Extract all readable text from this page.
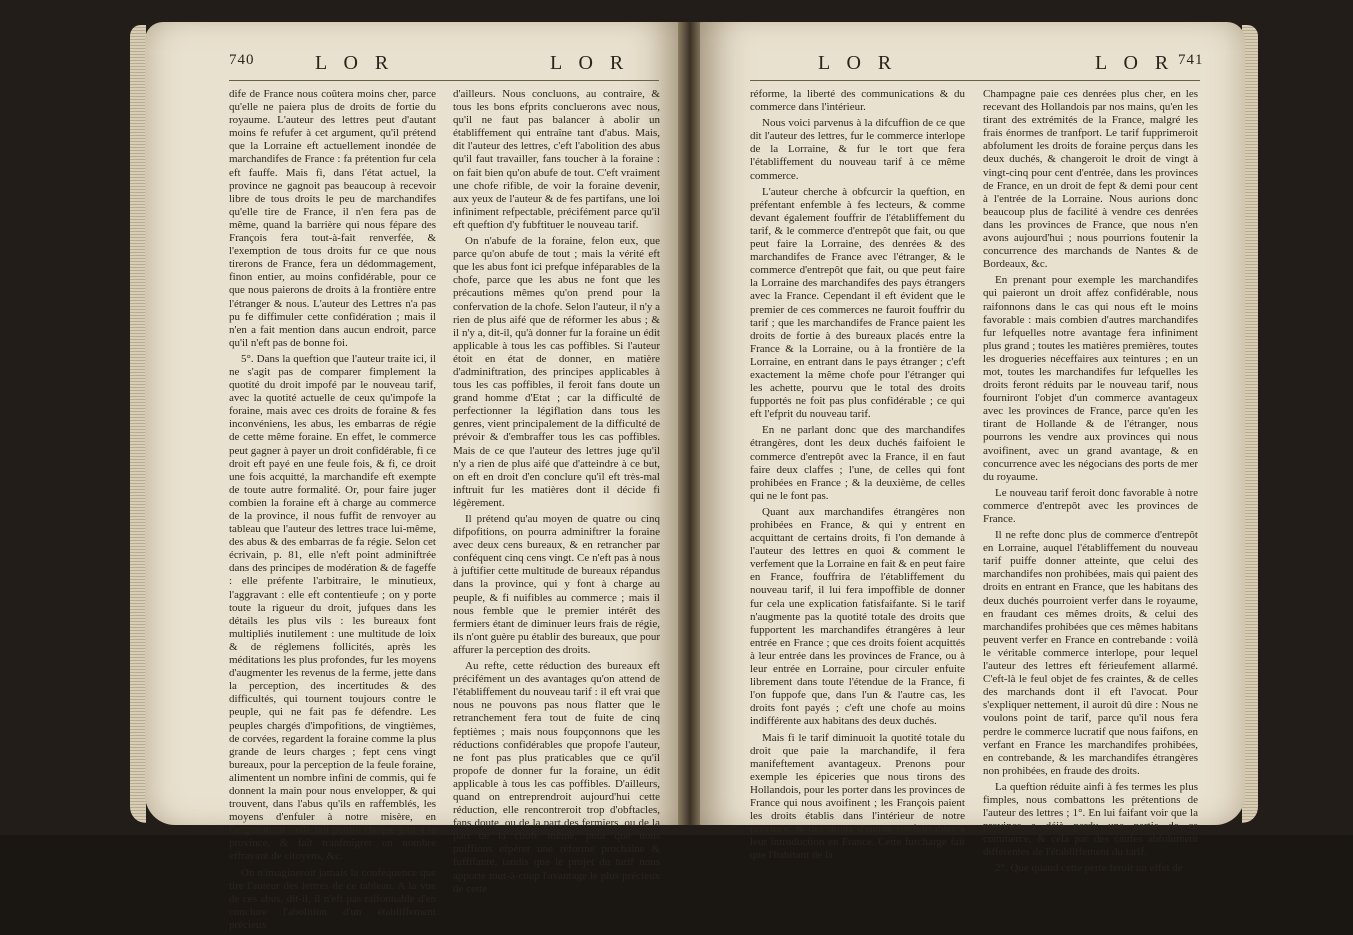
740	L O R	L O R

dife de France nous coûtera moins cher, parce qu'elle ne paiera plus de droits de fortie du royaume. L'auteur des lettres peut d'autant moins fe refufer à cet argument, qu'il prétend que la Lorraine eft actuellement inondée de marchandifes de France : fa prétention fur cela eft fauffe. Mais fi, dans l'état actuel, la province ne gagnoit pas beaucoup à recevoir libre de tous droits le peu de marchandifes qu'elle tire de France, il n'en fera pas de même, quand la barrière qui nous fépare des François fera tout-à-fait renverfée, & l'exemption de tous droits fur ce que nous tirerons de France, fera un dédommagement, finon entier, au moins confidérable, pour ce que nous paierons de droits à la frontière entre l'étranger & nous. L'auteur des Lettres n'a pas pu fe diffimuler cette confidération ; mais il n'en a fait mention dans aucun endroit, parce qu'il n'eft pas de bonne foi.

5°. Dans la queftion que l'auteur traite ici, il ne s'agit pas de comparer fimplement la quotité du droit impofé par le nouveau tarif, avec la quotité actuelle de ceux qu'impofe la foraine, mais avec ces droits de foraine & fes inconvéniens, les abus, les embarras de régie de cette même foraine. En effet, le commerce peut gagner à payer un droit confidérable, fi ce droit eft payé en une feule fois, & fi, ce droit une fois acquitté, la marchandife eft exempte de toute autre formalité. Or, pour faire juger combien la foraine eft à charge au commerce de la province, il nous fuffit de renvoyer au tableau que l'auteur des lettres trace lui-même, des abus & des embarras de fa régie. Selon cet écrivain, p. 81, elle n'eft point adminiftrée dans des principes de modération & de fageffe : elle préfente l'arbitraire, le minutieux, l'aggravant : elle eft contentieufe ; on y porte toute la rigueur du droit, jufques dans les détails les plus vils : les bureaux font multipliés inutilement : une multitude de loix & de réglemens follicités, après les méditations les plus profondes, fur les moyens d'augmenter les revenus de la ferme, jette dans la perception, des incertitudes & des difficultés, qui tournent toujours contre le peuple, qui ne fait pas fe défendre. Les peuples chargés d'impofitions, de vingtièmes, de corvées, regardent la foraine comme la plus grande de leurs charges ; fept cens vingt bureaux, pour la perception de la feule foraine, alimentent un nombre infini de commis, qui fe donnent la main pour nous envelopper, & qui trouvent, dans l'abus qu'ils en raffemblés, les moyens d'enfuler à notre misère, en l'augmentant : elle fait perdre chaque jour à la province, & fait tranfmigrer un nombre effrayant de citoyens, &c.

On n'imagineroit jamais la conféquence que tire l'auteur des lettres de ce tableau. A la vue de ces abus, dit-il, il n'eft pas raifonnable d'en conclure l'abolition d'un établiffement précieux

d'ailleurs. Nous concluons, au contraire, & tous les bons efprits concluerons avec nous, qu'il ne faut pas balancer à abolir un établiffement qui entraîne tant d'abus. Mais, dit l'auteur des lettres, c'eft l'abolition des abus qu'il faut travailler, fans toucher à la foraine : on fait bien qu'on abufe de tout. C'eft vraiment une chofe rifible, de voir la foraine devenir, aux yeux de l'auteur & de fes partifans, une loi infiniment refpectable, précifément parce qu'il eft queftion d'y fubftituer le nouveau tarif.

On n'abufe de la foraine, felon eux, que parce qu'on abufe de tout ; mais la vérité eft que les abus font ici prefque inféparables de la chofe, parce que les abus ne font que les précautions mêmes qu'on prend pour la confervation de la chofe. Selon l'auteur, il n'y a rien de plus aifé que de réformer les abus ; & il n'y a, dit-il, qu'à donner fur la foraine un édit applicable à tous les cas poffibles. Si l'auteur étoit en état de donner, en matière d'adminiftration, des principes applicables à tous les cas poffibles, il feroit fans doute un grand homme d'Etat ; car la difficulté de perfectionner la légiflation dans tous les genres, vient principalement de la difficulté de prévoir & d'embraffer tous les cas poffibles. Mais de ce que l'auteur des lettres juge qu'il n'y a rien de plus aifé que d'atteindre à ce but, on eft en droit d'en conclure qu'il eft très-mal inftruit fur les matières dont il décide fi légèrement.

Il prétend qu'au moyen de quatre ou cinq difpofitions, on pourra adminiftrer la foraine avec deux cens bureaux, & en retrancher par conféquent cinq cens vingt. Ce n'eft pas à nous à juftifier cette multitude de bureaux répandus dans la province, qui y font à charge au peuple, & fi nuifibles au commerce ; mais il nous femble que le premier intérêt des fermiers étant de diminuer leurs frais de régie, ils n'ont guère pu établir des bureaux, que pour affurer la perception des droits.

Au refte, cette réduction des bureaux eft précifément un des avantages qu'on attend de l'établiffement du nouveau tarif : il eft vrai que nous ne pouvons pas nous flatter que le retranchement fera tout de fuite de cinq feptièmes ; mais nous foupçonnons que les réductions confidérables que propofe l'auteur, ne font pas plus praticables que ce qu'il propofe de donner fur la foraine, un édit applicable à tous les cas poffibles. D'ailleurs, quand on entreprendroit aujourd'hui cette réduction, elle rencontreroit trop d'obftacles, fans doute, ou de la part des fermiers, ou de la part de la chofe même, pour que nous puiffions efpérer une réforme prochaine & fuffifante, tandis que le projet du tarif nous apporte tout-à-coup l'avantage le plus précieux de cette

L O R	L O R 741

réforme, la liberté des communications & du commerce dans l'intérieur.

Nous voici parvenus à la difcuffion de ce que dit l'auteur des lettres, fur le commerce interlope de la Lorraine, & fur le tort que fera l'établiffement du nouveau tarif à ce même commerce.

L'auteur cherche à obfcurcir la queftion, en préfentant enfemble à fes lecteurs, & comme devant également fouffrir de l'établiffement du tarif, & le commerce d'entrepôt que fait, ou que peut faire la Lorraine, des denrées & des marchandifes de France avec l'étranger, & le commerce d'entrepôt que fait, ou que peut faire la Lorraine des marchandifes des pays étrangers avec la France. Cependant il eft évident que le premier de ces commerces ne fauroit fouffrir du tarif ; que les marchandifes de France paient les droits de fortie à des bureaux placés entre la France & la Lorraine, ou à la frontière de la Lorraine, en entrant dans le pays étranger ; c'eft exactement la même chofe pour l'étranger qui les achette, pourvu que le total des droits fupportés ne foit pas plus confidérable ; ce qui eft l'efprit du nouveau tarif.

En ne parlant donc que des marchandifes étrangères, dont les deux duchés faifoient le commerce d'entrepôt avec la France, il en faut faire deux claffes ; l'une, de celles qui font prohibées en France ; & la deuxième, de celles qui ne le font pas.

Quant aux marchandifes étrangères non prohibées en France, & qui y entrent en acquittant de certains droits, fi l'on demande à l'auteur des lettres en quoi & comment le verfement que la Lorraine en fait & en peut faire en France, fouffrira de l'établiffement du nouveau tarif, il lui fera impoffible de donner fur cela une explication fatisfaifante. Si le tarif n'augmente pas la quotité totale des droits que fupportent les marchandifes étrangères à leur entrée en France ; que ces droits foient acquittés à leur entrée dans les provinces de France, ou à leur entrée en Lorraine, pour circuler enfuite librement dans toute l'étendue de la France, fi l'on fuppofe que, dans l'un & l'autre cas, les droits font payés ; c'eft une chofe au moins indifférente aux habitans des deux duchés.

Mais fi le tarif diminuoit la quotité totale du droit que paie la marchandife, il fera manifeftement avantageux. Prenons pour exemple les épiceries que nous tirons des Hollandois, pour les porter dans les provinces de France qui nous avoifinent ; les François paient les droits établis dans l'intérieur de notre province, & des droits d'entrée confidérables à leur introduction en France. Cette furcharge fait que l'habitant de la

Champagne paie ces denrées plus cher, en les recevant des Hollandois par nos mains, qu'en les tirant des extrémités de la France, malgré les frais énormes de tranfport. Le tarif fupprimeroit abfolument les droits de foraine perçus dans les deux duchés, & changeroit le droit de vingt à vingt-cinq pour cent d'entrée, dans les provinces de France, en un droit de fept & demi pour cent à l'entrée de la Lorraine. Nous aurions donc beaucoup plus de facilité à vendre ces denrées dans les provinces de France, que nous n'en avons aujourd'hui ; nous pourrions foutenir la concurrence des marchands de Nantes & de Bordeaux, &c.

En prenant pour exemple les marchandifes qui paieront un droit affez confidérable, nous raifonnons dans le cas qui nous eft le moins favorable : mais combien d'autres marchandifes fur lefquelles notre avantage fera infiniment plus grand ; toutes les matières premières, toutes les drogueries néceffaires aux teintures ; en un mot, toutes les marchandifes fur lefquelles les droits feront réduits par le nouveau tarif, nous fourniront l'objet d'un commerce avantageux avec les provinces de France, parce qu'en les tirant de Hollande & de l'étranger, nous pourrons les vendre aux provinces qui nous avoifinent, avec un grand avantage, & en concurrence avec les négocians des ports de mer du royaume.

Le nouveau tarif feroit donc favorable à notre commerce d'entrepôt avec les provinces de France.

Il ne refte donc plus de commerce d'entrepôt en Lorraine, auquel l'établiffement du nouveau tarif puiffe donner atteinte, que celui des marchandifes non prohibées, mais qui paient des droits en entrant en France, que les habitans des deux duchés pourroient verfer dans le royaume, en fraudant ces mêmes droits, & celui des marchandifes prohibées que ces mêmes habitans peuvent verfer en France en contrebande : voilà le véritable commerce interlope, pour lequel l'auteur des lettres eft férieufement allarmé. C'eft-là le feul objet de fes craintes, & de celles des marchands dont il eft l'avocat. Pour s'expliquer nettement, il auroit dû dire : Nous ne voulons point de tarif, parce qu'il nous fera perdre le commerce lucratif que nous faifons, en verfant en France les marchandifes prohibées, en contrebande, & les marchandifes étrangères non prohibées, en fraude des droits.

La queftion réduite ainfi à fes termes les plus fimples, nous combattons les prétentions de l'auteur des lettres ; 1°. En lui faifant voir que la province a déjà perdu une partie de ce commerce, & cela par des caufes abfolument différentes de l'établiffement du tarif.

2°. Que quand cette perte feroit un effet de
